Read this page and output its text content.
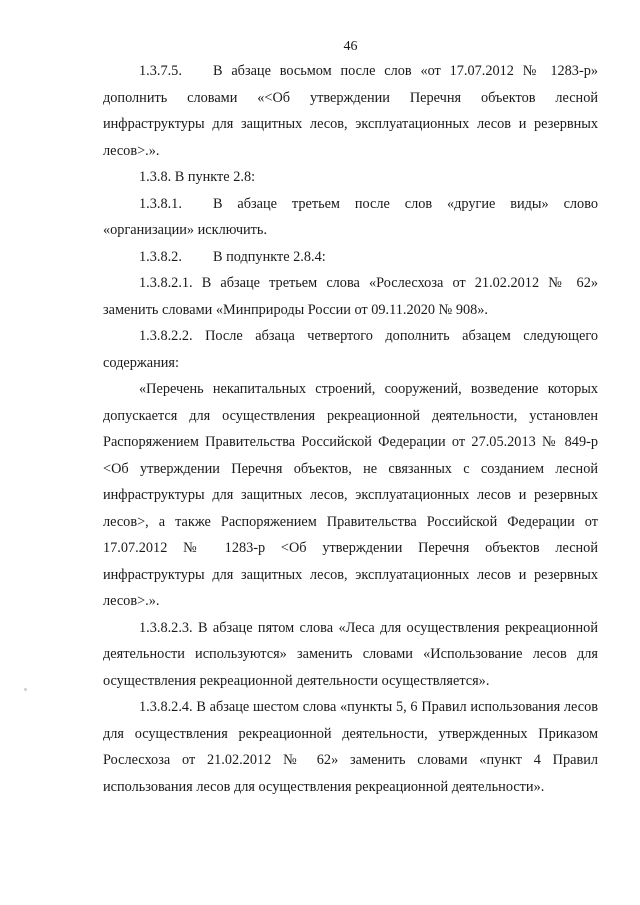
46

1.3.7.5. В абзаце восьмом после слов «от 17.07.2012 № 1283-р» дополнить словами «<Об утверждении Перечня объектов лесной инфраструктуры для защитных лесов, эксплуатационных лесов и резервных лесов>.».

1.3.8. В пункте 2.8:

1.3.8.1. В абзаце третьем после слов «другие виды» слово «организации» исключить.

1.3.8.2. В подпункте 2.8.4:

1.3.8.2.1. В абзаце третьем слова «Рослесхоза от 21.02.2012 № 62» заменить словами «Минприроды России от 09.11.2020 № 908».

1.3.8.2.2. После абзаца четвертого дополнить абзацем следующего содержания:

«Перечень некапитальных строений, сооружений, возведение которых допускается для осуществления рекреационной деятельности, установлен Распоряжением Правительства Российской Федерации от 27.05.2013 № 849-р <Об утверждении Перечня объектов, не связанных с созданием лесной инфраструктуры для защитных лесов, эксплуатационных лесов и резервных лесов>, а также Распоряжением Правительства Российской Федерации от 17.07.2012 № 1283-р <Об утверждении Перечня объектов лесной инфраструктуры для защитных лесов, эксплуатационных лесов и резервных лесов>.».

1.3.8.2.3. В абзаце пятом слова «Леса для осуществления рекреационной деятельности используются» заменить словами «Использование лесов для осуществления рекреационной деятельности осуществляется».

1.3.8.2.4. В абзаце шестом слова «пункты 5, 6 Правил использования лесов для осуществления рекреационной деятельности, утвержденных Приказом Рослесхоза от 21.02.2012 № 62» заменить словами «пункт 4 Правил использования лесов для осуществления рекреационной деятельности».
